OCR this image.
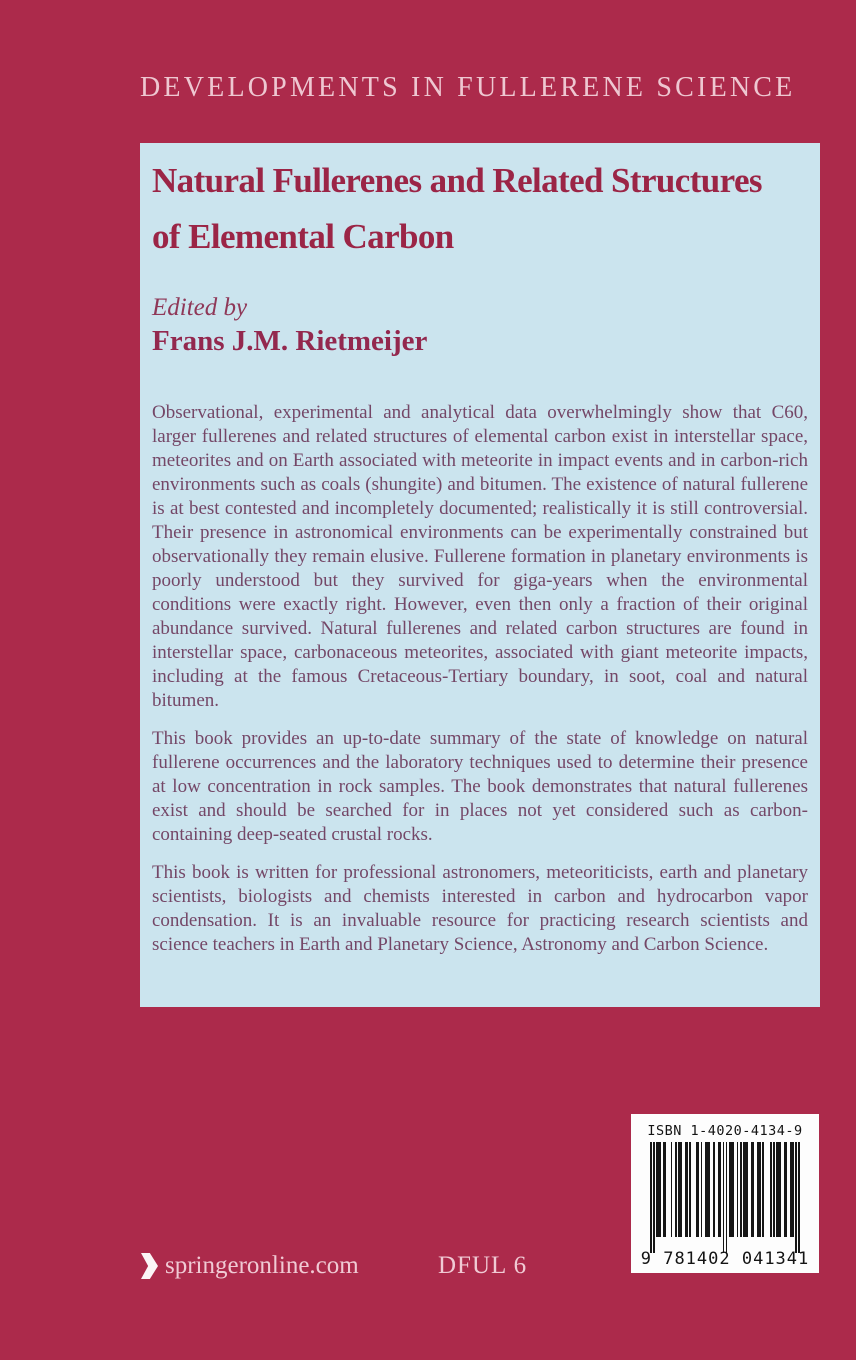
DEVELOPMENTS IN FULLERENE SCIENCE
Natural Fullerenes and Related Structures
of Elemental Carbon
Edited by
Frans J.M. Rietmeijer

Observational, experimental and analytical data overwhelmingly show that C60, larger fullerenes and related structures of elemental carbon exist in interstellar space, meteorites and on Earth associated with meteorite in impact events and in carbon-rich environments such as coals (shungite) and bitumen. The existence of natural fullerene is at best contested and incompletely documented; realistically it is still controversial. Their presence in astronomical environments can be experimentally constrained but observationally they remain elusive. Fullerene formation in planetary environments is poorly understood but they survived for giga-years when the environmental conditions were exactly right. However, even then only a fraction of their original abundance survived. Natural fullerenes and related carbon structures are found in interstellar space, carbonaceous meteorites, associated with giant meteorite impacts, including at the famous Cretaceous-Tertiary boundary, in soot, coal and natural bitumen.

This book provides an up-to-date summary of the state of knowledge on natural fullerene occurrences and the laboratory techniques used to determine their presence at low concentration in rock samples. The book demonstrates that natural fullerenes exist and should be searched for in places not yet considered such as carbon-containing deep-seated crustal rocks.

This book is written for professional astronomers, meteoriticists, earth and planetary scientists, biologists and chemists interested in carbon and hydrocarbon vapor condensation. It is an invaluable resource for practicing research scientists and science teachers in Earth and Planetary Science, Astronomy and Carbon Science.

ISBN 1-4020-4134-9
9 781402 041341
springeronline.com	DFUL 6
